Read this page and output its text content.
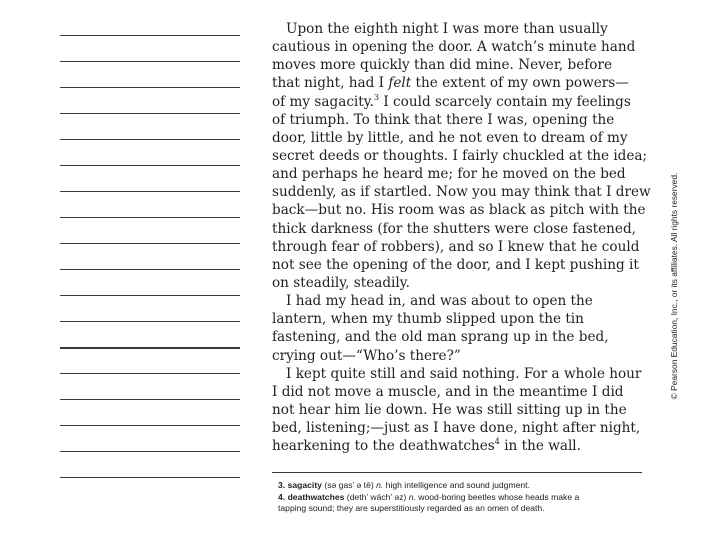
Upon the eighth night I was more than usually
cautious in opening the door. A watch’s minute hand
moves more quickly than did mine. Never, before
that night, had I felt the extent of my own powers—
of my sagacity.$^3$ I could scarcely contain my feelings
of triumph. To think that there I was, opening the
door, little by little, and he not even to dream of my
secret deeds or thoughts. I fairly chuckled at the idea;
and perhaps he heard me; for he moved on the bed
suddenly, as if startled. Now you may think that I drew
back—but no. His room was as black as pitch with the
thick darkness (for the shutters were close fastened,
through fear of robbers), and so I knew that he could
not see the opening of the door, and I kept pushing it
on steadily, steadily.
I had my head in, and was about to open the
lantern, when my thumb slipped upon the tin
fastening, and the old man sprang up in the bed,
crying out—“Who’s there?”
I kept quite still and said nothing. For a whole hour
I did not move a muscle, and in the meantime I did
not hear him lie down. He was still sitting up in the
bed, listening;—just as I have done, night after night,
hearkening to the deathwatches$^4$ in the wall.
3. sagacity (sə gas’ ə tē) n. high intelligence and sound judgment.
4. deathwatches (deth’ wäch’ əz) n. wood-boring beetles whose heads make a
tapping sound; they are superstitiously regarded as an omen of death.
© Pearson Education, Inc., or its affiliates. All rights reserved.
